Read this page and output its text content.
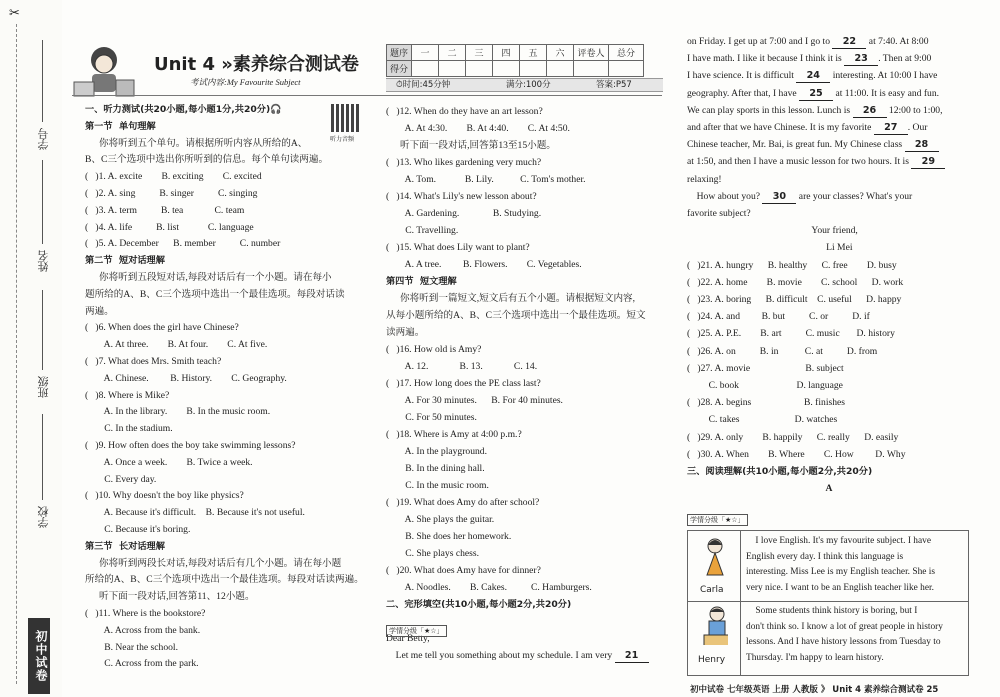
✂
学号
姓名
班级
学校
初中试卷
Unit 4 »素养综合测试卷
考试内容:My Favourite Subject
题序	一	二	三	四	五	六	评卷人	总分
得分								
⏱时间:45分钟	满分:100分	答案:P57
听力音频
一、听力测试(共20小题,每小题1分,共20分)🎧
第一节  单句理解
你将听到五个单句。请根据所听内容从所给的A、
B、C三个选项中选出你所听到的信息。每个单句读两遍。
(   )1. A. excite        B. exciting        C. excited
(   )2. A. sing          B. singer          C. singing
(   )3. A. term          B. tea             C. team
(   )4. A. life          B. list            C. language
(   )5. A. December      B. member          C. number
第二节  短对话理解
你将听到五段短对话,每段对话后有一个小题。请在每小
题所给的A、B、C三个选项中选出一个最佳选项。每段对话读
两遍。
(   )6. When does the girl have Chinese?
A. At three.        B. At four.        C. At five.
(   )7. What does Mrs. Smith teach?
A. Chinese.         B. History.        C. Geography.
(   )8. Where is Mike?
A. In the library.        B. In the music room.
C. In the stadium.
(   )9. How often does the boy take swimming lessons?
A. Once a week.        B. Twice a week.
C. Every day.
(   )10. Why doesn't the boy like physics?
A. Because it's difficult.    B. Because it's not useful.
C. Because it's boring.
第三节  长对话理解
你将听到两段长对话,每段对话后有几个小题。请在每小题
所给的A、B、C三个选项中选出一个最佳选项。每段对话读两遍。
听下面一段对话,回答第11、12小题。
(   )11. Where is the bookstore?
A. Across from the bank.
B. Near the school.
C. Across from the park.
(   )12. When do they have an art lesson?
A. At 4:30.        B. At 4:40.        C. At 4:50.
听下面一段对话,回答第13至15小题。
(   )13. Who likes gardening very much?
A. Tom.            B. Lily.           C. Tom's mother.
(   )14. What's Lily's new lesson about?
A. Gardening.              B. Studying.
C. Travelling.
(   )15. What does Lily want to plant?
A. A tree.         B. Flowers.        C. Vegetables.
第四节  短文理解
你将听到一篇短文,短文后有五个小题。请根据短文内容,
从每小题所给的A、B、C三个选项中选出一个最佳选项。短文
读两遍。
(   )16. How old is Amy?
A. 12.             B. 13.             C. 14.
(   )17. How long does the PE class last?
A. For 30 minutes.      B. For 40 minutes.
C. For 50 minutes.
(   )18. Where is Amy at 4:00 p.m.?
A. In the playground.
B. In the dining hall.
C. In the music room.
(   )19. What does Amy do after school?
A. She plays the guitar.
B. She does her homework.
C. She plays chess.
(   )20. What does Amy have for dinner?
A. Noodles.        B. Cakes.          C. Hamburgers.
二、完形填空(共10小题,每小题2分,共20分)
Dear Betty,
Let me tell you something about my schedule. I am very 21
on Friday. I get up at 7:00 and I go to 22 at 7:40. At 8:00
I have math. I like it because I think it is 23 . Then at 9:00
I have science. It is difficult 24 interesting. At 10:00 I have
geography. After that, I have 25 at 11:00. It is easy and fun.
We can play sports in this lesson. Lunch is 26 12:00 to 1:00,
and after that we have Chinese. It is my favorite 27 . Our
Chinese teacher, Mr. Bai, is great fun. My Chinese class 28
at 1:50, and then I have a music lesson for two hours. It is 29
relaxing!
How about you? 30 are your classes? What's your
favorite subject?
Your friend,
Li Mei
(   )21. A. hungry      B. healthy      C. free        D. busy
(   )22. A. home        B. movie        C. school      D. work
(   )23. A. boring      B. difficult    C. useful      D. happy
(   )24. A. and         B. but          C. or          D. if
(   )25. A. P.E.        B. art          C. music       D. history
(   )26. A. on          B. in           C. at          D. from
(   )27. A. movie                       B. subject
C. book                        D. language
(   )28. A. begins                      B. finishes
C. takes                       D. watches
(   )29. A. only        B. happily      C. really      D. easily
(   )30. A. When        B. Where        C. How         D. Why
三、阅读理解(共10小题,每小题2分,共20分)
A
学情分级「★☆」
学情分级「★☆」
Carla
I love English. It's my favourite subject. I have
English every day. I think this language is
interesting. Miss Lee is my English teacher. She is
very nice. I want to be an English teacher like her.
Henry
Some students think history is boring, but I
don't think so. I know a lot of great people in history
lessons. And I have history lessons from Tuesday to
Thursday. I'm happy to learn history.
初中试卷 七年级英语 上册 人教版 》 Unit 4 素养综合测试卷 25
